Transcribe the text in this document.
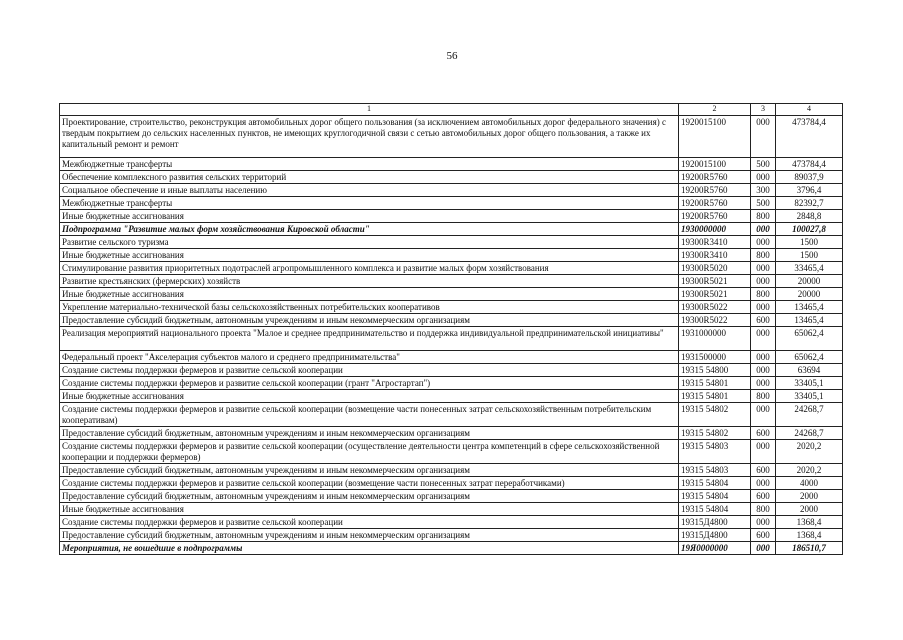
56
1	2	3	4
Проектирование, строительство, реконструкция автомобильных дорог общего пользования (за исключением автомобильных дорог федерального значения) с твердым покрытием до сельских населенных пунктов, не имеющих круглогодичной связи с сетью автомобильных дорог общего пользования, а также их капитальный ремонт и ремонт	1920015100	000	473784,4
Межбюджетные трансферты	1920015100	500	473784,4
Обеспечение комплексного развития сельских территорий	19200R5760	000	89037,9
Социальное обеспечение и иные выплаты населению	19200R5760	300	3796,4
Межбюджетные трансферты	19200R5760	500	82392,7
Иные бюджетные ассигнования	19200R5760	800	2848,8
Подпрограмма "Развитие малых форм хозяйствования Кировской области"	1930000000	000	100027,8
Развитие сельского туризма	19300R3410	000	1500
Иные бюджетные ассигнования	19300R3410	800	1500
Стимулирование развития приоритетных подотраслей агропромышленного комплекса и развитие малых форм хозяйствования	19300R5020	000	33465,4
Развитие крестьянских (фермерских) хозяйств	19300R5021	000	20000
Иные бюджетные ассигнования	19300R5021	800	20000
Укрепление материально-технической базы сельскохозяйственных потребительских кооперативов	19300R5022	000	13465,4
Предоставление субсидий бюджетным, автономным учреждениям и иным некоммерческим организациям	19300R5022	600	13465,4
Реализация мероприятий национального проекта "Малое и среднее предпринимательство и поддержка индивидуальной предпринимательской инициативы"	1931000000	000	65062,4
Федеральный проект "Акселерация субъектов малого и среднего предпринимательства"	1931500000	000	65062,4
Создание системы поддержки фермеров и развитие сельской кооперации	19315 54800	000	63694
Создание системы поддержки фермеров и развитие сельской кооперации (грант "Агростартап")	19315 54801	000	33405,1
Иные бюджетные ассигнования	19315 54801	800	33405,1
Создание системы поддержки фермеров и развитие сельской кооперации (возмещение части понесенных затрат сельскохозяйственным потребительским кооперативам)	19315 54802	000	24268,7
Предоставление субсидий бюджетным, автономным учреждениям и иным некоммерческим организациям	19315 54802	600	24268,7
Создание системы поддержки фермеров и развитие сельской кооперации (осуществление деятельности центра компетенций в сфере сельскохозяйственной кооперации и поддержки фермеров)	19315 54803	000	2020,2
Предоставление субсидий бюджетным, автономным учреждениям и иным некоммерческим организациям	19315 54803	600	2020,2
Создание системы поддержки фермеров и развитие сельской кооперации (возмещение части понесенных затрат переработчиками)	19315 54804	000	4000
Предоставление субсидий бюджетным, автономным учреждениям и иным некоммерческим организациям	19315 54804	600	2000
Иные бюджетные ассигнования	19315 54804	800	2000
Создание системы поддержки фермеров и развитие сельской кооперации	19315Д4800	000	1368,4
Предоставление субсидий бюджетным, автономным учреждениям и иным некоммерческим организациям	19315Д4800	600	1368,4
Мероприятия, не вошедшие в подпрограммы	19Я0000000	000	186510,7
